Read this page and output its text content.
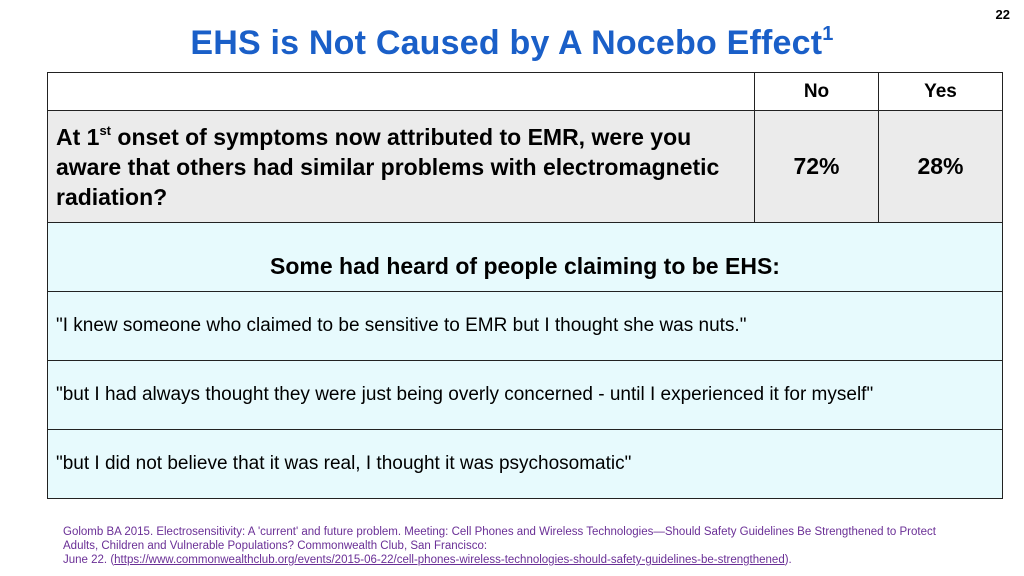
22
EHS is Not Caused by A Nocebo Effect$^1$
	No	Yes
At 1st onset of symptoms now attributed to EMR, were you aware that others had similar problems with electromagnetic radiation?	72%	28%
Some had heard of people claiming to be EHS:		
"I knew someone who claimed to be sensitive to EMR but I thought she was nuts."		
"but I had always thought they were just being overly concerned - until I experienced it for myself"		
"but I did not believe that it was real, I thought it was psychosomatic"		
Golomb BA 2015. Electrosensitivity: A 'current' and future problem. Meeting: Cell Phones and Wireless Technologies—Should Safety Guidelines Be Strengthened to Protect Adults, Children and Vulnerable Populations? Commonwealth Club, San Francisco:
June 22. (https://www.commonwealthclub.org/events/2015-06-22/cell-phones-wireless-technologies-should-safety-guidelines-be-strengthened).
